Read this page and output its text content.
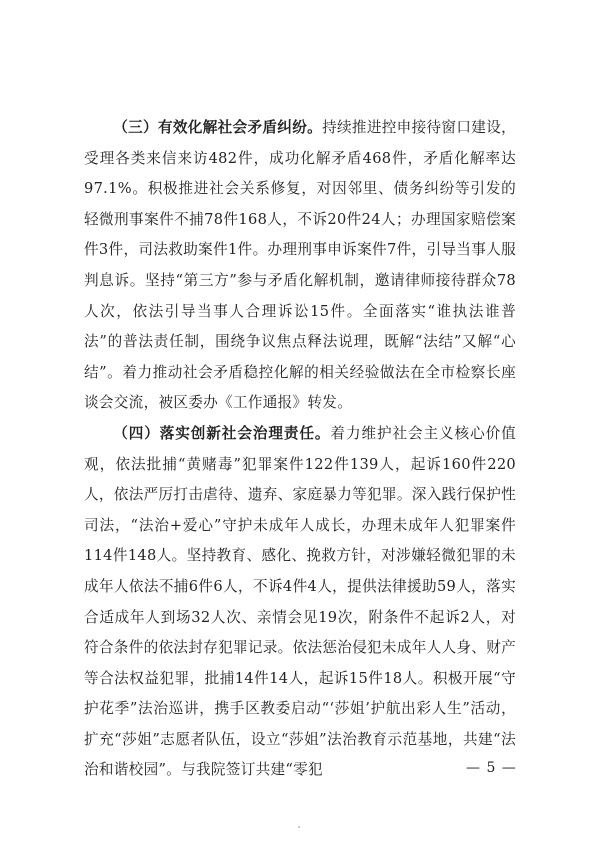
（三）有效化解社会矛盾纠纷。持续推进控申接待窗口建设，受理各类来信来访482件，成功化解矛盾468件，矛盾化解率达97.1%。积极推进社会关系修复，对因邻里、债务纠纷等引发的轻微刑事案件不捕78件168人，不诉20件24人；办理国家赔偿案件3件，司法救助案件1件。办理刑事申诉案件7件，引导当事人服判息诉。坚持“第三方”参与矛盾化解机制，邀请律师接待群众78人次，依法引导当事人合理诉讼15件。全面落实“谁执法谁普法”的普法责任制，围绕争议焦点释法说理，既解“法结”又解“心结”。着力推动社会矛盾稳控化解的相关经验做法在全市检察长座谈会交流，被区委办《工作通报》转发。

（四）落实创新社会治理责任。着力维护社会主义核心价值观，依法批捕“黄赌毒”犯罪案件122件139人，起诉160件220人，依法严厉打击虐待、遗弃、家庭暴力等犯罪。深入践行保护性司法，“法治+爱心”守护未成年人成长，办理未成年人犯罪案件114件148人。坚持教育、感化、挽救方针，对涉嫌轻微犯罪的未成年人依法不捕6件6人，不诉4件4人，提供法律援助59人，落实合适成年人到场32人次、亲情会见19次，附条件不起诉2人，对符合条件的依法封存犯罪记录。依法惩治侵犯未成年人人身、财产等合法权益犯罪，批捕14件14人，起诉15件18人。积极开展“守护花季”法治巡讲，携手区教委启动“‘莎姐’护航出彩人生”活动，扩充“莎姐”志愿者队伍，设立“莎姐”法治教育示范基地，共建“法治和谐校园”。与我院签订共建“零犯	— 5 —
